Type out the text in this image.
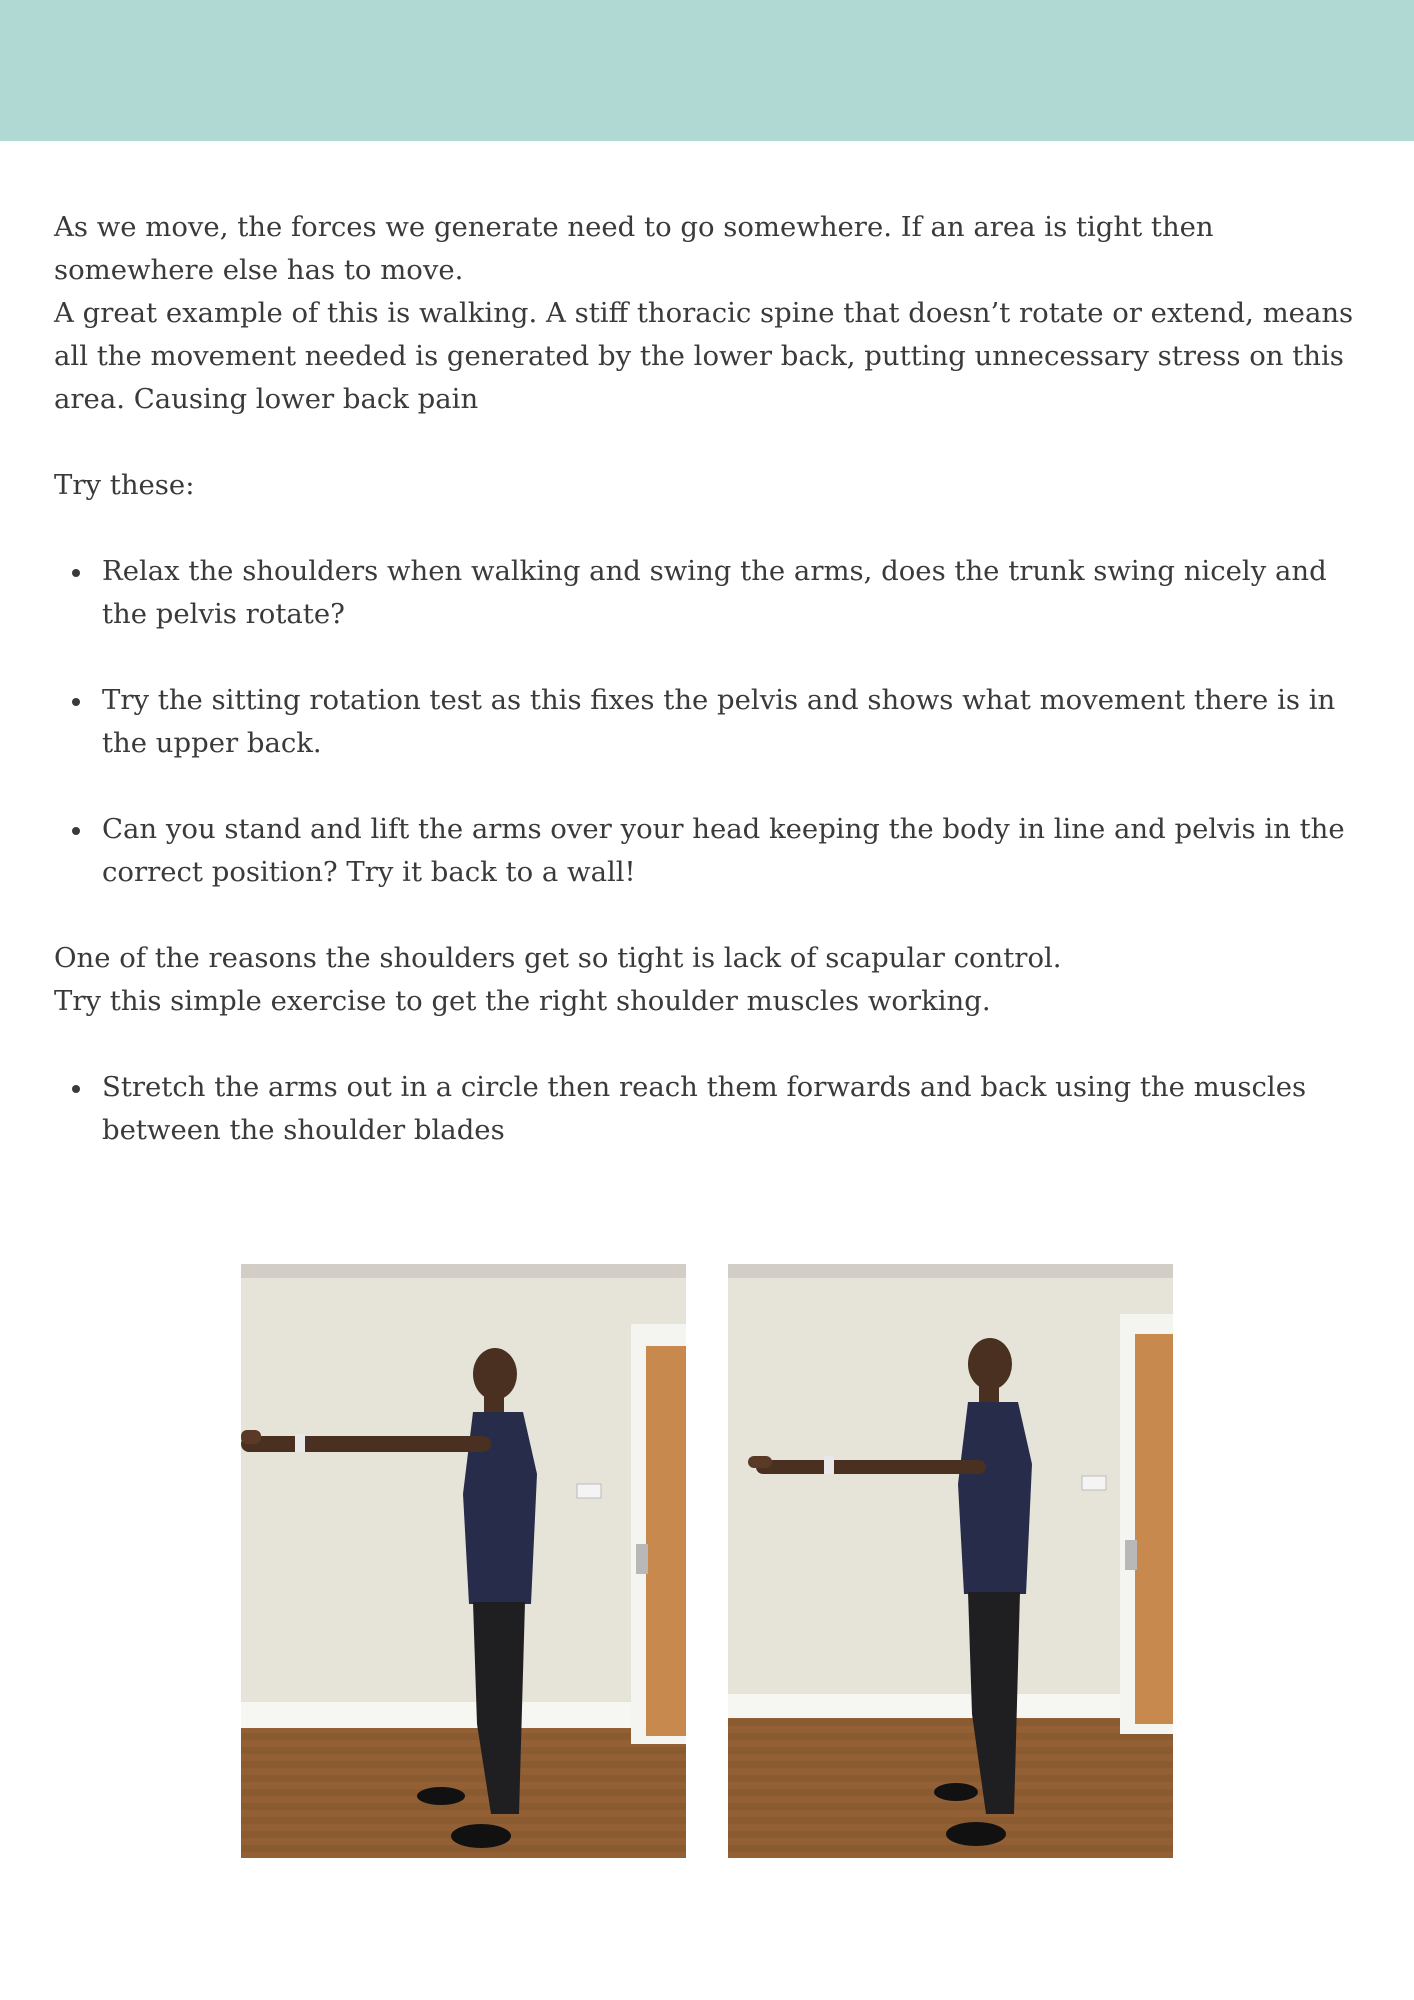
As we move, the forces we generate need to go somewhere. If an area is tight then somewhere else has to move.

A great example of this is walking. A stiff thoracic spine that doesn’t rotate or extend, means all the movement needed is generated by the lower back, putting unnecessary stress on this area. Causing lower back pain

Try these:

Relax the shoulders when walking and swing the arms, does the trunk swing nicely and the pelvis rotate?
Try the sitting rotation test as this fixes the pelvis and shows what movement there is in the upper back.
Can you stand and lift the arms over your head keeping the body in line and pelvis in the correct position? Try it back to a wall!

One of the reasons the shoulders get so tight is lack of scapular control.

Try this simple exercise to get the right shoulder muscles working.

Stretch the arms out in a circle then reach them forwards and back using the muscles between the shoulder blades
